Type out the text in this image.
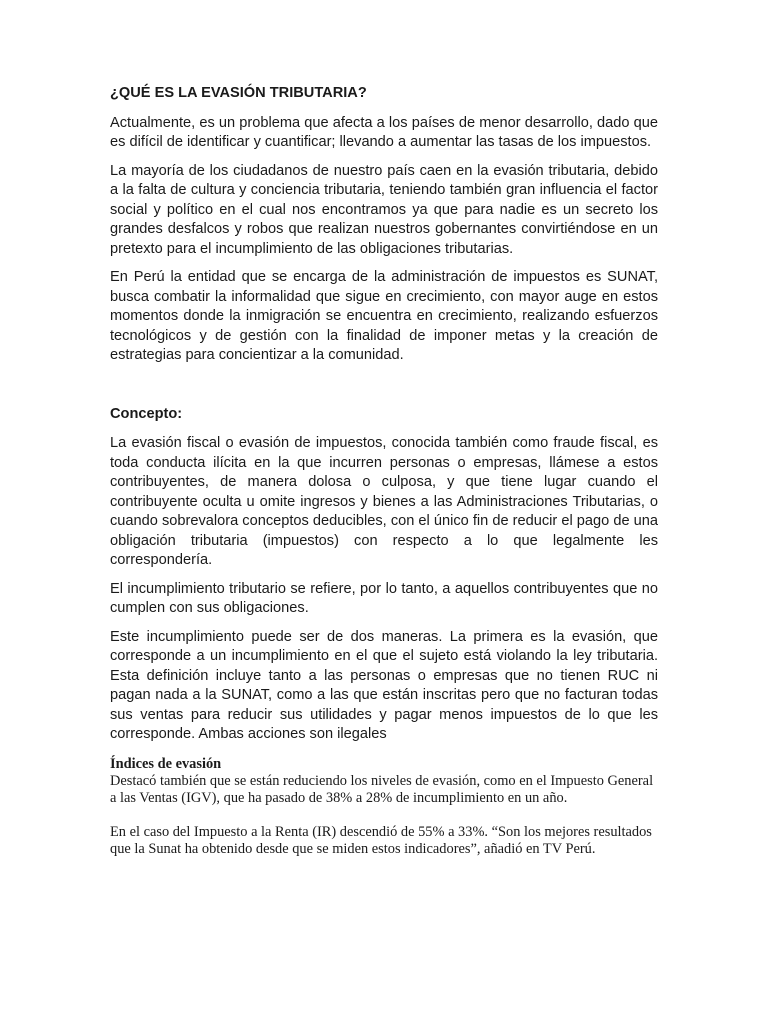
¿QUÉ ES LA EVASIÓN TRIBUTARIA?

Actualmente, es un problema que afecta a los países de menor desarrollo, dado que es difícil de identificar y cuantificar; llevando a aumentar las tasas de los impuestos.

La mayoría de los ciudadanos de nuestro país caen en la evasión tributaria, debido a la falta de cultura y conciencia tributaria, teniendo también gran influencia el factor social y político en el cual nos encontramos ya que para nadie es un secreto los grandes desfalcos y robos que realizan nuestros gobernantes convirtiéndose en un pretexto para el incumplimiento de las obligaciones tributarias.

En Perú la entidad que se encarga de la administración de impuestos es SUNAT, busca combatir la informalidad que sigue en crecimiento, con mayor auge en estos momentos donde la inmigración se encuentra en crecimiento, realizando esfuerzos tecnológicos y de gestión con la finalidad de imponer metas y la creación de estrategias para concientizar a la comunidad.

Concepto:

La evasión fiscal o evasión de impuestos, conocida también como fraude fiscal, es toda conducta ilícita en la que incurren personas o empresas, llámese a estos contribuyentes, de manera dolosa o culposa, y que tiene lugar cuando el contribuyente oculta u omite ingresos y bienes a las Administraciones Tributarias, o cuando sobrevalora conceptos deducibles, con el único fin de reducir el pago de una obligación tributaria (impuestos) con respecto a lo que legalmente les correspondería.

El incumplimiento tributario se refiere, por lo tanto, a aquellos contribuyentes que no cumplen con sus obligaciones.

Este incumplimiento puede ser de dos maneras. La primera es la evasión, que corresponde a un incumplimiento en el que el sujeto está violando la ley tributaria. Esta definición incluye tanto a las personas o empresas que no tienen RUC ni pagan nada a la SUNAT, como a las que están inscritas pero que no facturan todas sus ventas para reducir sus utilidades y pagar menos impuestos de lo que les corresponde. Ambas acciones son ilegales

Índices de evasión

Destacó también que se están reduciendo los niveles de evasión, como en el Impuesto General a las Ventas (IGV), que ha pasado de 38% a 28% de incumplimiento en un año.

En el caso del Impuesto a la Renta (IR) descendió de 55% a 33%. “Son los mejores resultados que la Sunat ha obtenido desde que se miden estos indicadores”, añadió en TV Perú.
